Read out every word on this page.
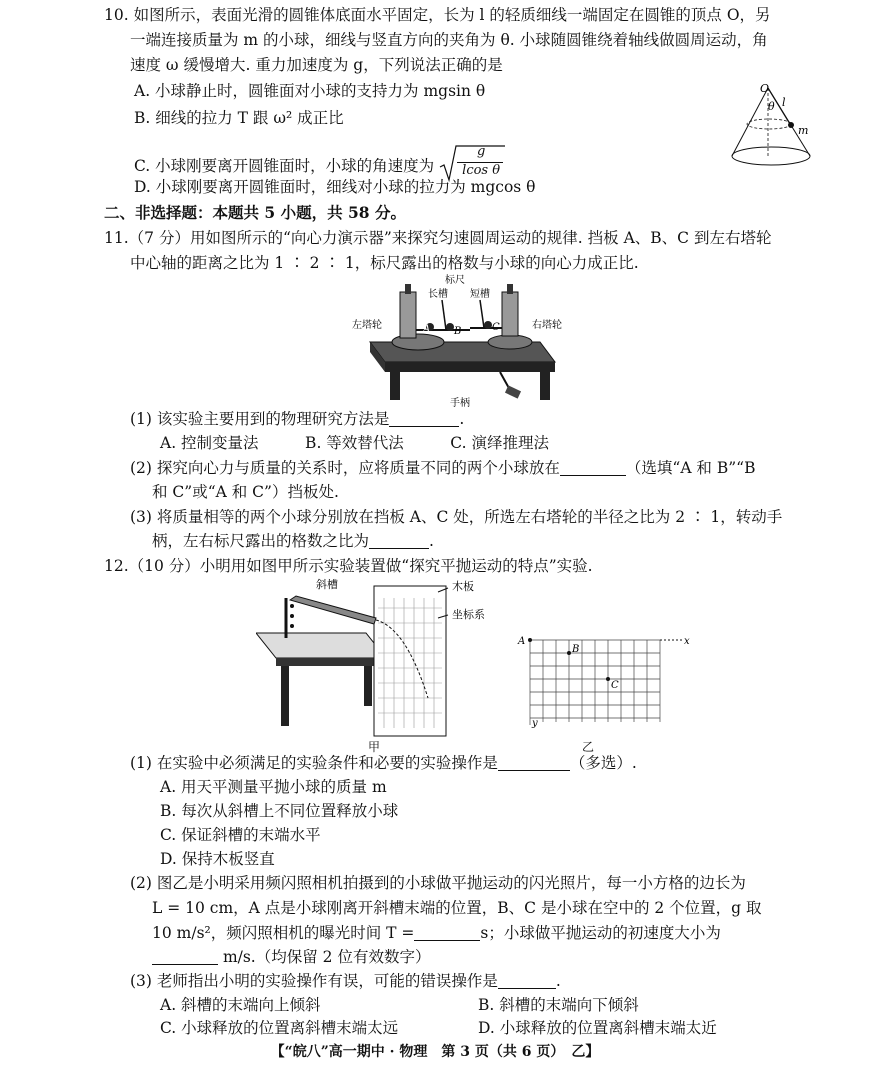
10. 如图所示，表面光滑的圆锥体底面水平固定，长为 l 的轻质细线一端固定在圆锥的顶点 O，另
一端连接质量为 m 的小球，细线与竖直方向的夹角为 θ. 小球随圆锥绕着轴线做圆周运动，角
速度 ω 缓慢增大. 重力加速度为 g，下列说法正确的是
A. 小球静止时，圆锥面对小球的支持力为 mgsin θ
B. 细线的拉力 T 跟 ω² 成正比
C. 小球刚要离开圆锥面时，小球的角速度为 $\frac{g}{\text{lcos θ}}$
D. 小球刚要离开圆锥面时，细线对小球的拉力为 mgcos θ
O
θ l
m
二、非选择题：本题共 5 小题，共 58 分。
11.（7 分）用如图所示的“向心力演示器”来探究匀速圆周运动的规律. 挡板 A、B、C 到左右塔轮
中心轴的距离之比为 1 ∶ 2 ∶ 1，标尺露出的格数与小球的向心力成正比.
标尺
长槽 短槽
左塔轮	右塔轮
手柄
A B	C
(1) 该实验主要用到的物理研究方法是	.
A. 控制变量法　　　B. 等效替代法　　　C. 演绎推理法
(2) 探究向心力与质量的关系时，应将质量不同的两个小球放在	（选填“A 和 B”“B
和 C”或“A 和 C”）挡板处.
(3) 将质量相等的两个小球分别放在挡板 A、C 处，所选左右塔轮的半径之比为 2 ∶ 1，转动手
柄，左右标尺露出的格数之比为	.
12.（10 分）小明用如图甲所示实验装置做“探究平抛运动的特点”实验.
斜槽	木板
坐标系
甲
A
B
C
x
y
乙
(1) 在实验中必须满足的实验条件和必要的实验操作是	（多选）.
A. 用天平测量平抛小球的质量 m
B. 每次从斜槽上不同位置释放小球
C. 保证斜槽的末端水平
D. 保持木板竖直
(2) 图乙是小明采用频闪照相机拍摄到的小球做平抛运动的闪光照片，每一小方格的边长为
L = 10 cm，A 点是小球刚离开斜槽末端的位置，B、C 是小球在空中的 2 个位置，g 取
10 m/s²，频闪照相机的曝光时间 T =	s；小球做平抛运动的初速度大小为
m/s.（均保留 2 位有效数字）
(3) 老师指出小明的实验操作有误，可能的错误操作是	.
A. 斜槽的末端向上倾斜	B. 斜槽的末端向下倾斜
C. 小球释放的位置离斜槽末端太远	D. 小球释放的位置离斜槽末端太近
【“皖八”高一期中 · 物理　第 3 页（共 6 页）　乙】
